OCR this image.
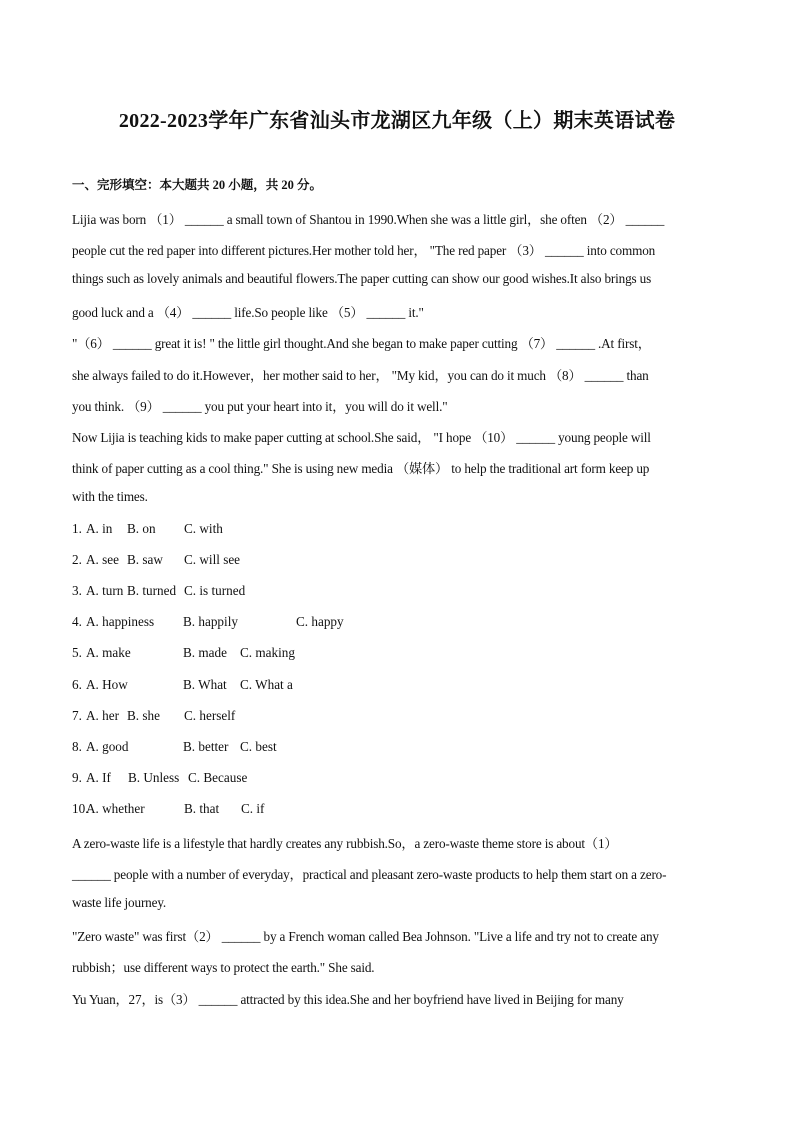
2022-2023学年广东省汕头市龙湖区九年级（上）期末英语试卷

一、完形填空：本大题共 20 小题，共 20 分。

Lijia was born （1） ______ a small town of Shantou in 1990.When she was a little girl，she often （2） ______

people cut the red paper into different pictures.Her mother told her， "The red paper （3） ______ into common

things such as lovely animals and beautiful flowers.The paper cutting can show our good wishes.It also brings us

good luck and a （4） ______ life.So people like （5） ______ it."

"（6） ______ great it is! " the little girl thought.And she began to make paper cutting （7） ______ .At first，

she always failed to do it.However，her mother said to her， "My kid，you can do it much （8） ______ than

you think. （9） ______ you put your heart into it，you will do it well."

Now Lijia is teaching kids to make paper cutting at school.She said， "I hope （10） ______ young people will

think of paper cutting as a cool thing." She is using new media （媒体） to help the traditional art form keep up

with the times.

1. A. in B. on C. with
2. A. see B. saw C. will see
3. A. turn B. turned C. is turned
4. A. happiness B. happily	C. happy
5. A. make	B. made C. making
6. A. How	B. What C. What a
7. A. her B. she C. herself
8. A. good	B. better C. best
9. A. If B. Unless C. Because
10.
A. whether	B. that C. if

A zero-waste life is a lifestyle that hardly creates any rubbish.So，a zero-waste theme store is about（1）

______ people with a number of everyday，practical and pleasant zero-waste products to help them start on a zero-

waste life journey.

"Zero waste" was first（2） ______ by a French woman called Bea Johnson. "Live a life and try not to create any

rubbish；use different ways to protect the earth." She said.

Yu Yuan，27，is（3） ______ attracted by this idea.She and her boyfriend have lived in Beijing for many
